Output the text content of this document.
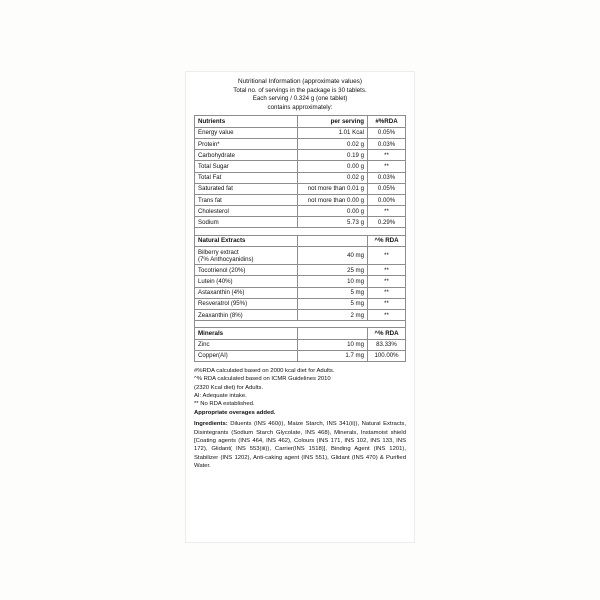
Nutritional Information (approximate values)
Total no. of servings in the package is 30 tablets.
Each serving / 0.324 g (one tablet)
contains approximately:
Nutrients	per serving	#%RDA
Energy value	1.01 Kcal	0.05%
Protein*	0.02 g	0.03%
Carbohydrate	0.19 g	**
Total Sugar	0.00 g	**
Total Fat	0.02 g	0.03%
Saturated fat	not more than 0.01 g	0.05%
Trans fat	not more than 0.00 g	0.00%
Cholesterol	0.00 g	**
Sodium	5.73 g	0.29%

Natural Extracts		^% RDA
Bilberry extract
(7% Anthocyanidins)	40 mg	**
Tocotrienol (20%)	25 mg	**
Lutein (40%)	10 mg	**
Astaxanthin (4%)	5 mg	**
Resveratrol (95%)	5 mg	**
Zeaxanthin (8%)	2 mg	**

Minerals		^% RDA
Zinc	10 mg	83.33%
Copper(AI)	1.7 mg	100.00%

#%RDA calculated based on 2000 kcal diet for Adults.

^% RDA calculated based on ICMR Guidelines 2010

(2320 Kcal diet) for Adults.

AI: Adequate intake.

** No RDA established.

Appropriate overages added.

Ingredients: Diluents (INS 460(i), Maize Starch, INS 341(ii)), Natural Extracts, Disintegrants (Sodium Starch Glycolate, INS 468), Minerals, Instamoist shield [Coating agents (INS 464, INS 462), Colours (INS 171, INS 102, INS 133, INS 172), Glidant( INS 553(iii)), Carrier(INS 1518)], Binding Agent (INS 1201), Stabilizer (INS 1202), Anti-caking agent (INS 551), Glidant (INS 470) & Purified Water.
